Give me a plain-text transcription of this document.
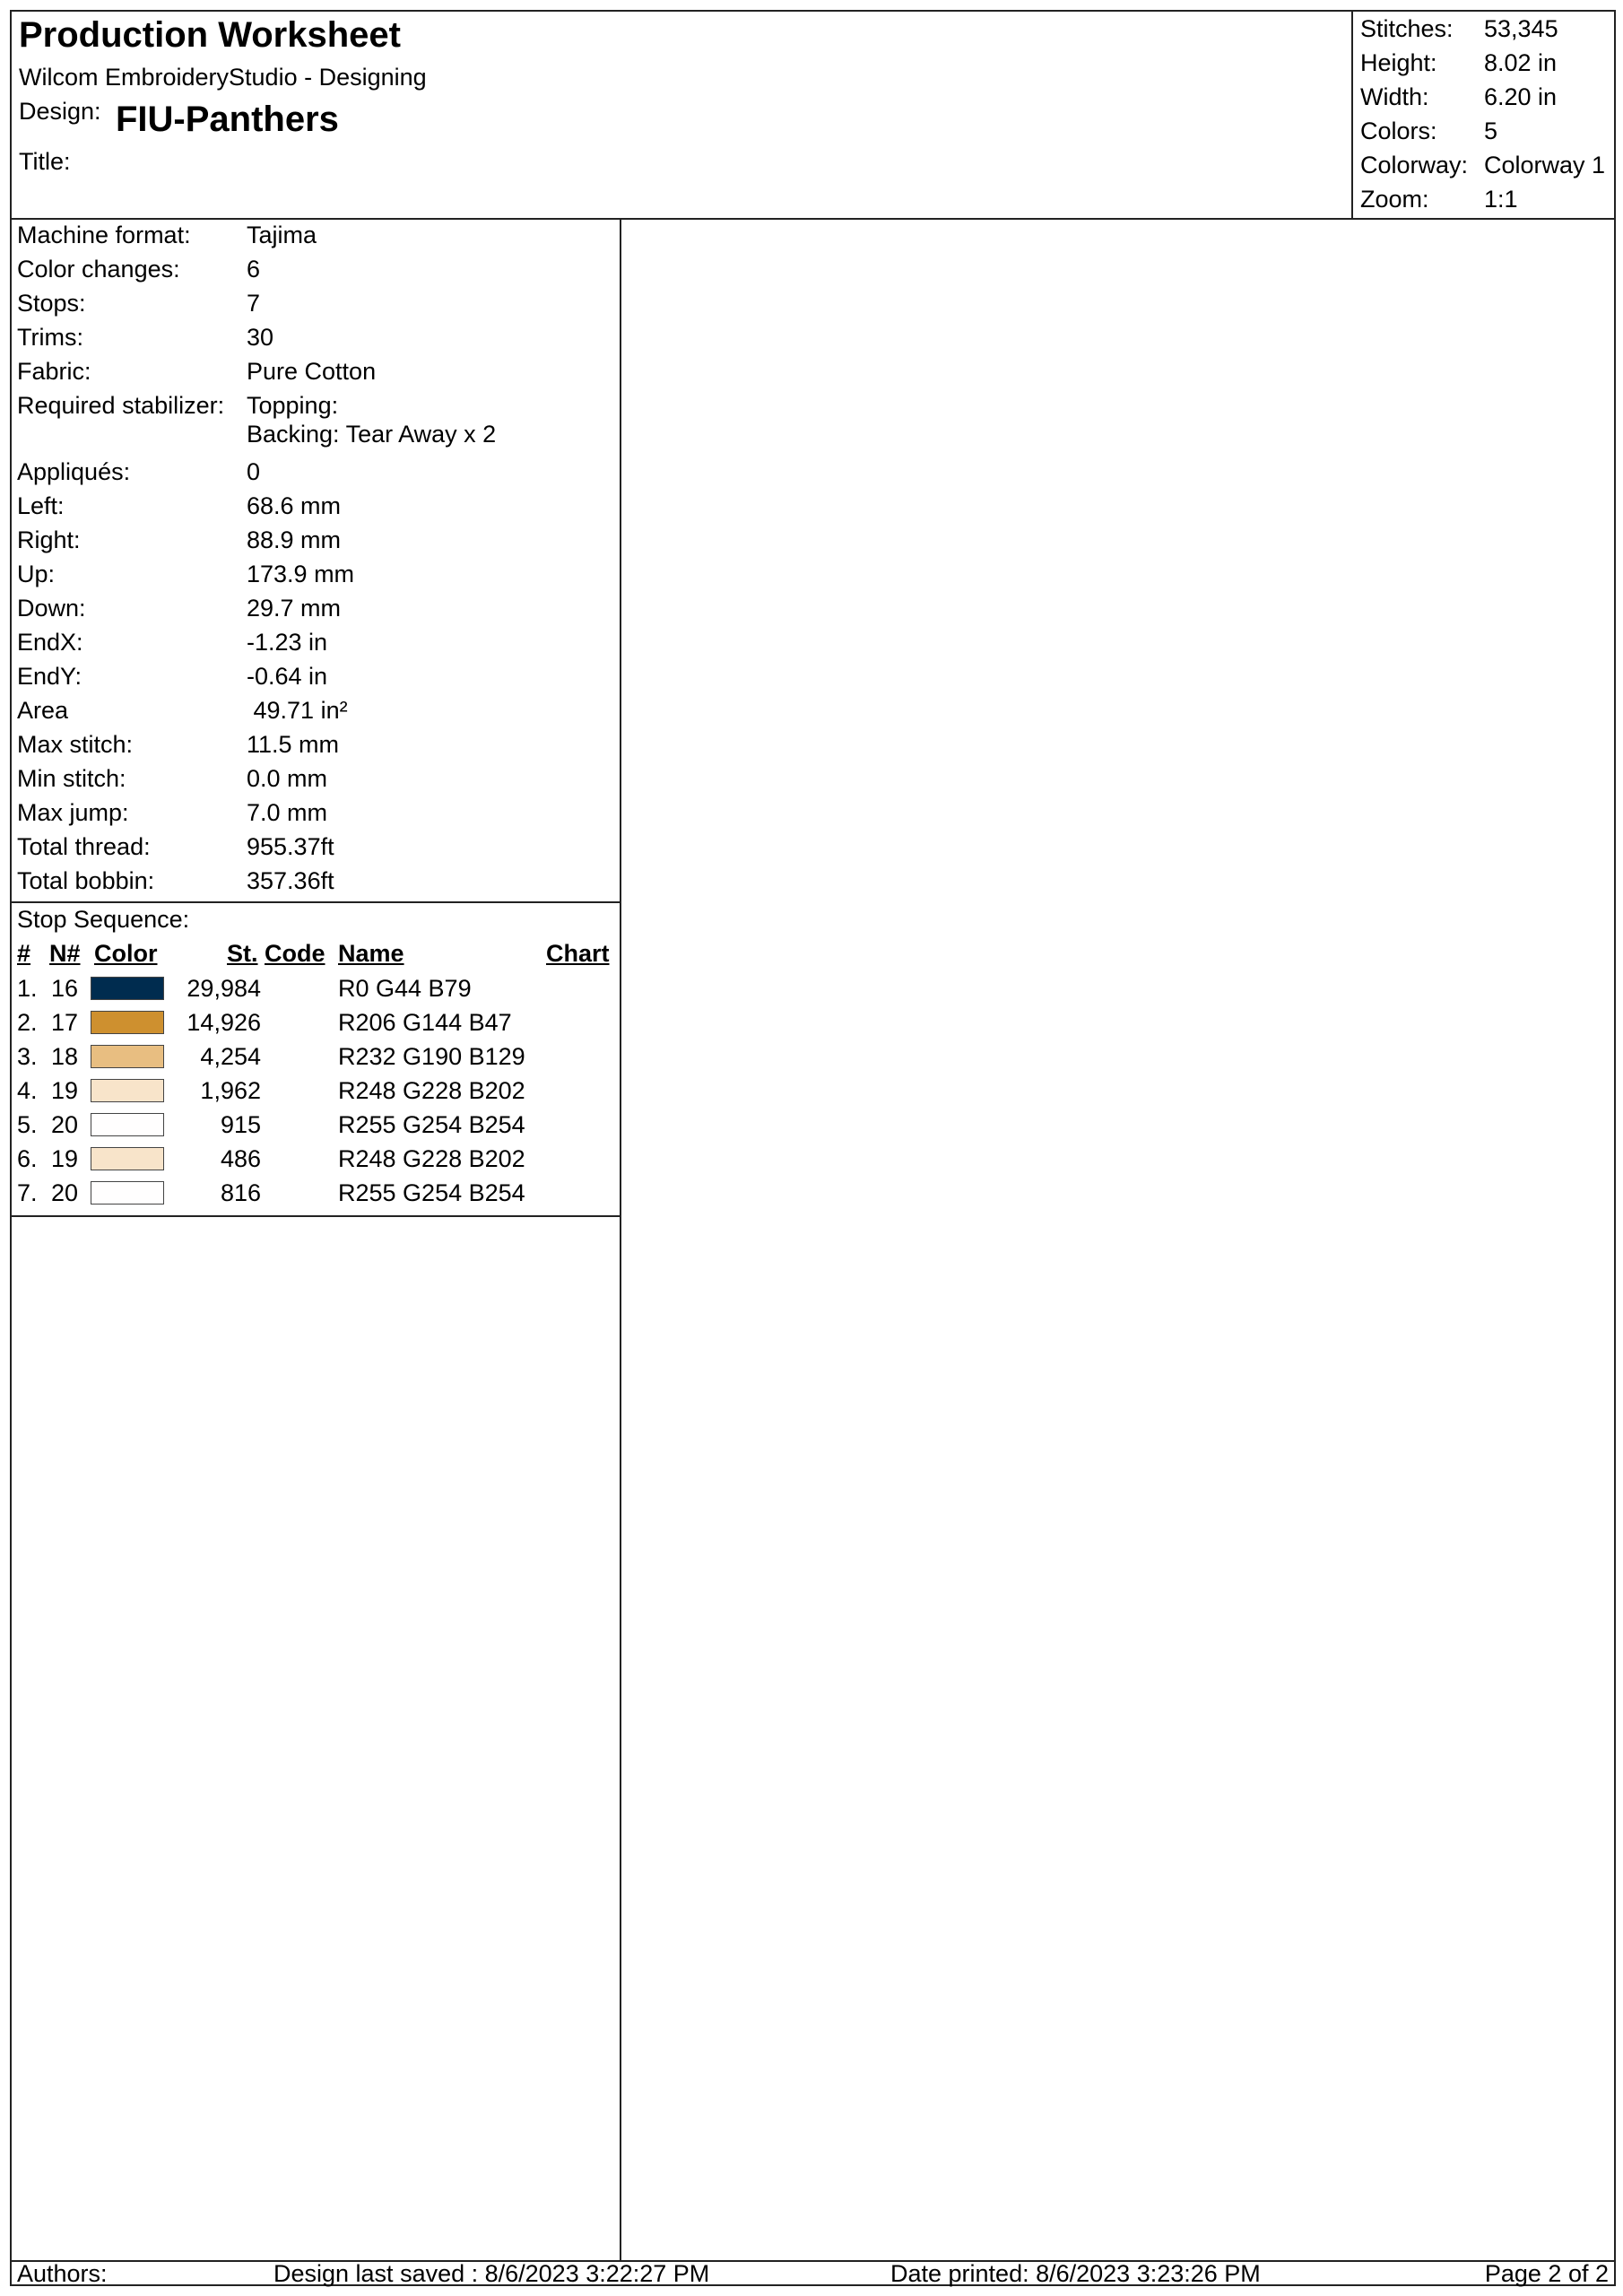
Production Worksheet
Wilcom EmbroideryStudio - Designing
Design: FIU-Panthers
Title:
Stitches: 53,345
Height: 8.02 in
Width: 6.20 in
Colors: 5
Colorway: Colorway 1
Zoom: 1:1
Machine format: Tajima
Color changes:	6
Stops:	7
Trims:	30
Fabric:	Pure Cotton
Required stabilizer: Topping:
Backing: Tear Away x 2
Appliqués:	0
Left:	68.6 mm
Right:	88.9 mm
Up:	173.9 mm
Down:	29.7 mm
EndX:	-1.23 in
EndY:	-0.64 in
Area	49.71 in²
Max stitch:	11.5 mm
Min stitch:	0.0 mm
Max jump:	7.0 mm
Total thread:	955.37ft
Total bobbin:	357.36ft
Stop Sequence:
# N# Color	St. Code Name	Chart
1. 16	29,984	R0 G44 B79
2. 17	14,926	R206 G144 B47
3. 18	4,254	R232 G190 B129
4. 19	1,962	R248 G228 B202
5. 20	915	R255 G254 B254
6. 19	486	R248 G228 B202
7. 20	816	R255 G254 B254
Authors:	Design last saved : 8/6/2023 3:22:27 PM	Date printed: 8/6/2023 3:23:26 PM	Page 2 of 2
